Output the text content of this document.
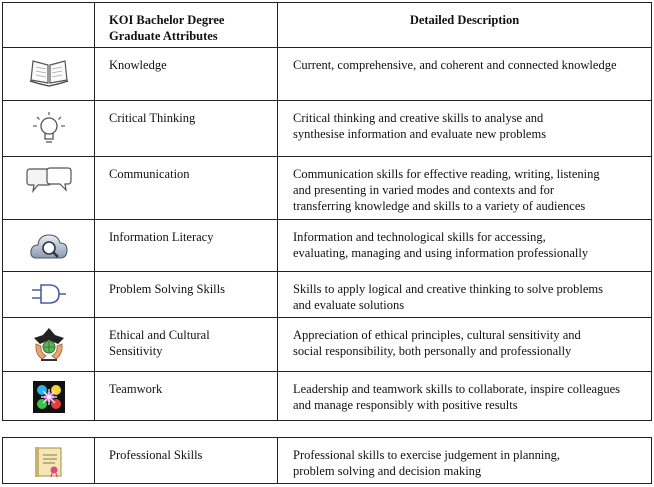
	KOI Bachelor Degree
Graduate Attributes	Detailed Description

Knowledge	Current, comprehensive, and coherent and connected knowledge

Critical Thinking	Critical thinking and creative skills to analyse and
synthesise information and evaluate new problems

Communication	Communication skills for effective reading, writing, listening
and presenting in varied modes and contexts and for
transferring knowledge and skills to a variety of audiences

Information Literacy	Information and technological skills for accessing,
evaluating, managing and using information professionally

Problem Solving Skills	Skills to apply logical and creative thinking to solve problems
and evaluate solutions

Ethical and Cultural
Sensitivity	Appreciation of ethical principles, cultural sensitivity and
social responsibility, both personally and professionally

Teamwork	Leadership and teamwork skills to collaborate, inspire colleagues
and manage responsibly with positive results

Professional Skills	Professional skills to exercise judgement in planning,
problem solving and decision making
